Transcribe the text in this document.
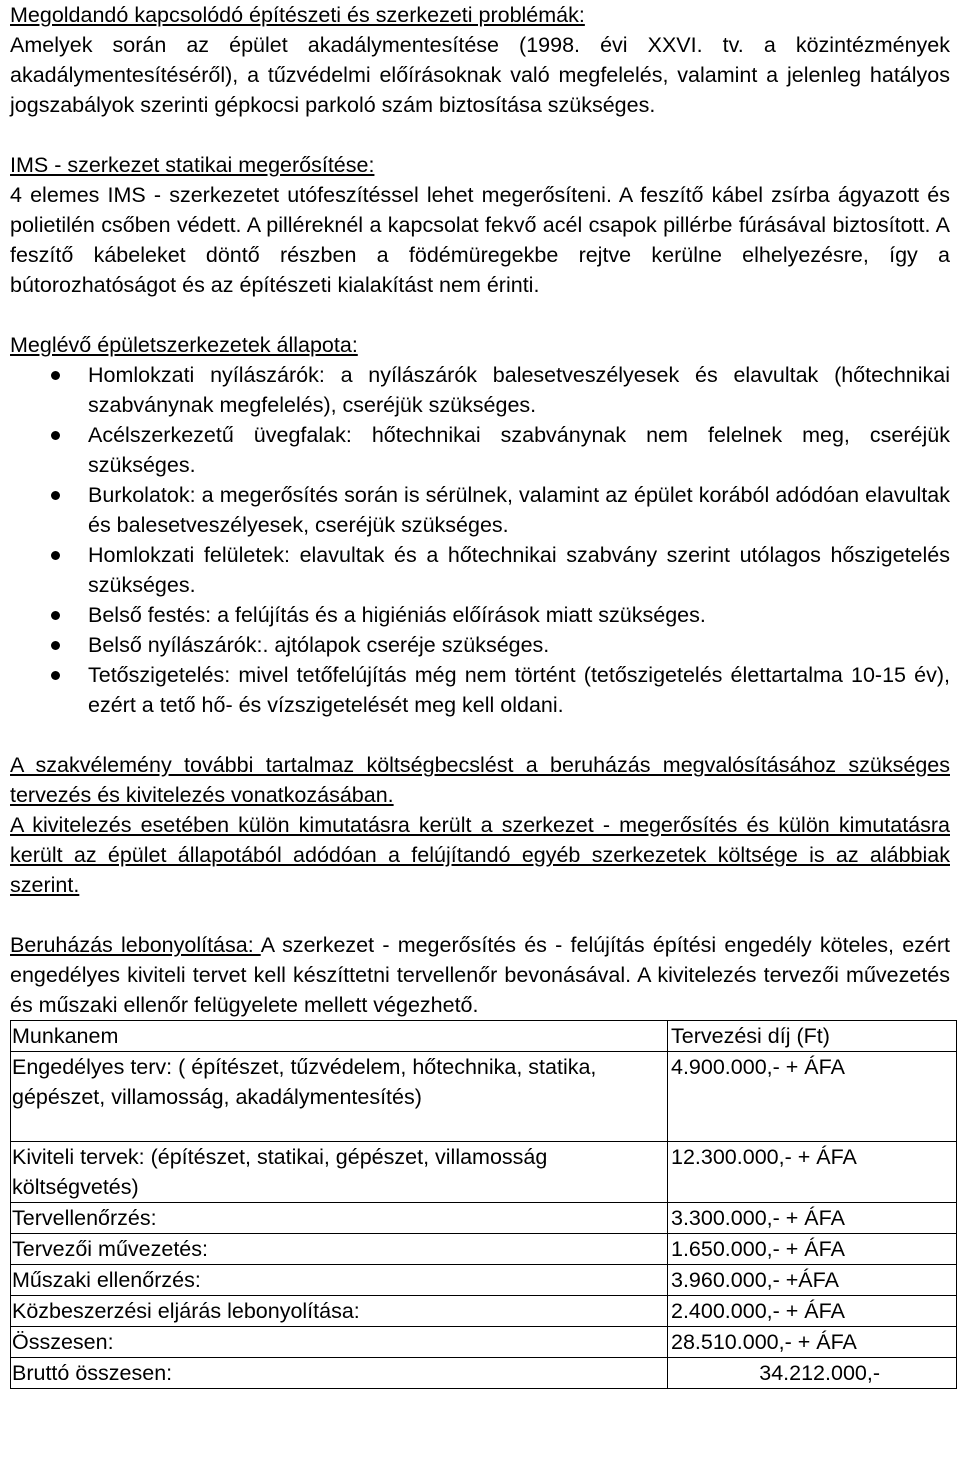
Megoldandó kapcsolódó építészeti és szerkezeti problémák:

Amelyek során az épület akadálymentesítése (1998. évi XXVI. tv. a közintézmények akadálymentesítéséről), a tűzvédelmi előírásoknak való megfelelés, valamint a jelenleg hatályos jogszabályok szerinti gépkocsi parkoló szám biztosítása szükséges.

IMS - szerkezet statikai megerősítése:

4 elemes IMS - szerkezetet utófeszítéssel lehet megerősíteni. A feszítő kábel zsírba ágyazott és polietilén csőben védett. A pilléreknél a kapcsolat fekvő acél csapok pillérbe fúrásával biztosított. A feszítő kábeleket döntő részben a födémüregekbe rejtve kerülne elhelyezésre, így a bútorozhatóságot és az építészeti kialakítást nem érinti.

Meglévő épületszerkezetek állapota:

Homlokzati nyílászárók: a nyílászárók balesetveszélyesek és elavultak (hőtechnikai szabványnak megfelelés), cseréjük szükséges.
Acélszerkezetű üvegfalak: hőtechnikai szabványnak nem felelnek meg, cseréjük szükséges.
Burkolatok: a megerősítés során is sérülnek, valamint az épület korából adódóan elavultak és balesetveszélyesek, cseréjük szükséges.
Homlokzati felületek: elavultak és a hőtechnikai szabvány szerint utólagos hőszigetelés szükséges.
Belső festés: a felújítás és a higiéniás előírások miatt szükséges.
Belső nyílászárók:. ajtólapok cseréje szükséges.
Tetőszigetelés: mivel tetőfelújítás még nem történt (tetőszigetelés élettartalma 10-15 év), ezért a tető hő- és vízszigetelését meg kell oldani.

A szakvélemény további tartalmaz költségbecslést a beruházás megvalósításához szükséges tervezés és kivitelezés vonatkozásában.

A kivitelezés esetében külön kimutatásra került a szerkezet - megerősítés és külön kimutatásra került az épület állapotából adódóan a felújítandó egyéb szerkezetek költsége is az alábbiak szerint.

Beruházás lebonyolítása: A szerkezet - megerősítés és - felújítás építési engedély köteles, ezért engedélyes kiviteli tervet kell készíttetni tervellenőr bevonásával. A kivitelezés tervezői művezetés és műszaki ellenőr felügyelete mellett végezhető.

Munkanem	Tervezési díj (Ft)
Engedélyes terv: ( építészet, tűzvédelem, hőtechnika, statika, gépészet, villamosság, akadálymentesítés)	4.900.000,- + ÁFA
Kiviteli tervek: (építészet, statikai, gépészet, villamosság költségvetés)	12.300.000,- + ÁFA
Tervellenőrzés:	3.300.000,- + ÁFA
Tervezői művezetés:	1.650.000,- + ÁFA
Műszaki ellenőrzés:	3.960.000,- +ÁFA
Közbeszerzési eljárás lebonyolítása:	2.400.000,- + ÁFA
Összesen:	28.510.000,- + ÁFA
Bruttó összesen:	34.212.000,-
